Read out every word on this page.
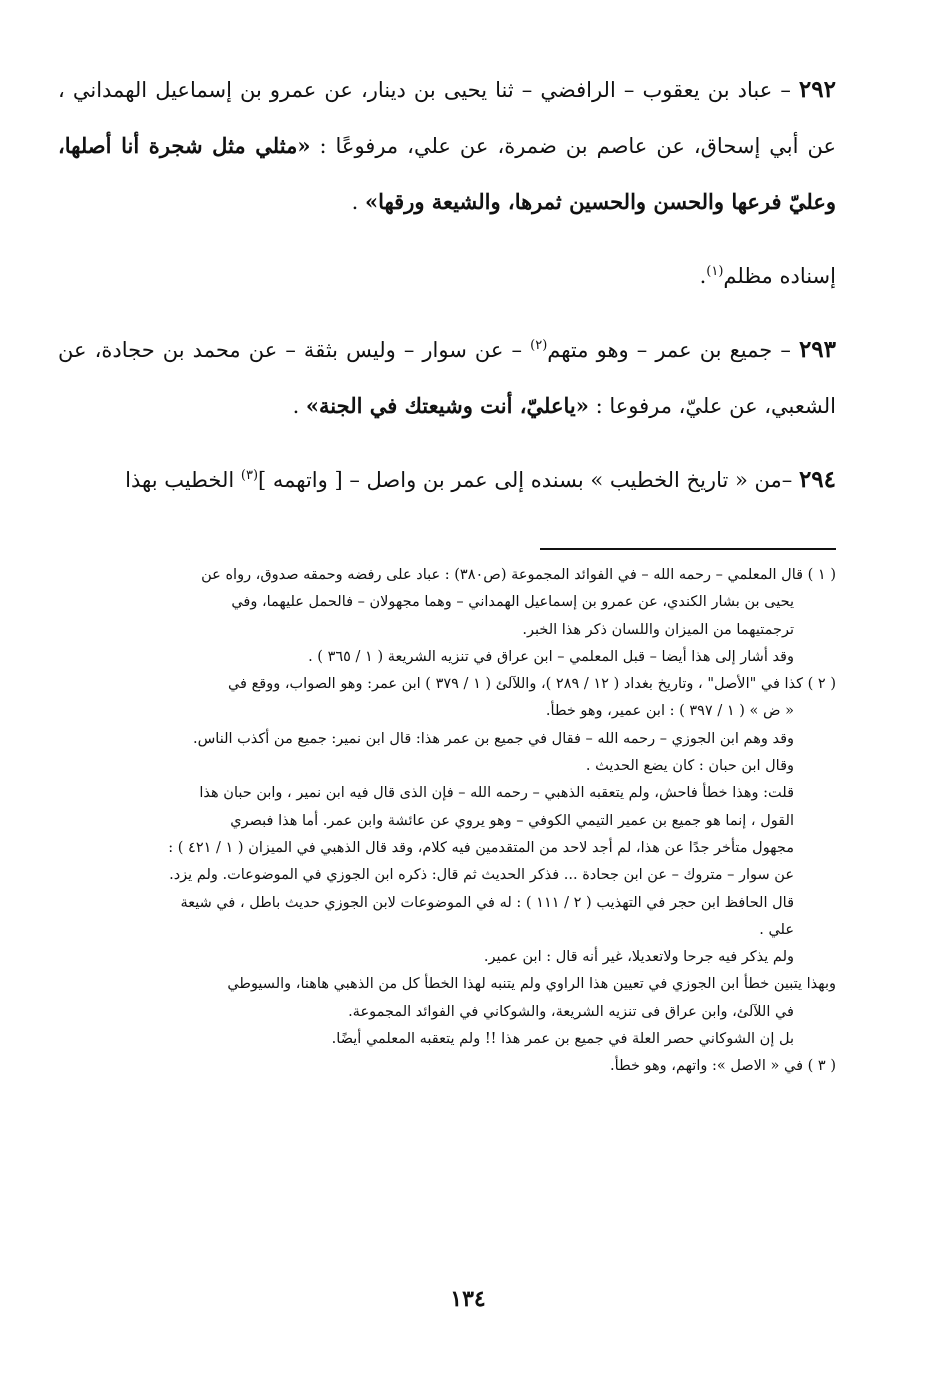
٢٩٢ – عباد بن يعقوب – الرافضي – ثنا يحيى بن دينار، عن عمرو بن إسماعيل الهمداني ، عن أبي إسحاق، عن عاصم بن ضمرة، عن علي، مرفوعًا : «مثلي مثل شجرة أنا أصلها، وعليّ فرعها والحسن والحسين ثمرها، والشيعة ورقها» .

إسناده مظلم$^{(١)}$.

٢٩٣ – جميع بن عمر – وهو متهم$^{(٢)}$ – عن سوار – وليس بثقة – عن محمد بن حجادة، عن الشعبي، عن عليّ، مرفوعا : «ياعليّ، أنت وشيعتك في الجنة» .

٢٩٤ –من « تاريخ الخطيب » بسنده إلى عمر بن واصل – [ واتهمه ]$^{(٣)}$ الخطيب بهذا

( ١ ) قال المعلمي – رحمه الله – في الفوائد المجموعة (ص٣٨٠) : عباد على رفضه وحمقه صدوق، رواه عن
يحيى بن بشار الكندي، عن عمرو بن إسماعيل الهمداني – وهما مجهولان – فالحمل عليهما، وفي
ترجمتيهما من الميزان واللسان ذكر هذا الخبر.
وقد أشار إلى هذا أيضا – قبل المعلمي – ابن عراق في تنزيه الشريعة ( ١ / ٣٦٥ ) .
( ٢ ) كذا في "الأصل" ، وتاريخ بغداد ( ١٢ / ٢٨٩ )، واللآلئ ( ١ / ٣٧٩ ) ابن عمر: وهو الصواب، ووقع في
« ض » ( ١ / ٣٩٧ ) : ابن عمير، وهو خطأ.
وقد وهم ابن الجوزي – رحمه الله – فقال في جميع بن عمر هذا: قال ابن نمير: جميع من أكذب الناس.
وقال ابن حبان : كان يضع الحديث .
قلت: وهذا خطأ فاحش، ولم يتعقبه الذهبي – رحمه الله – فإن الذى قال فيه ابن نمير ، وابن حبان هذا
القول ، إنما هو جميع بن عمير التيمي الكوفي – وهو يروي عن عائشة وابن عمر. أما هذا فبصري
مجهول متأخر جدًا عن هذا، لم أجد لاحد من المتقدمين فيه كلام، وقد قال الذهبي في الميزان ( ١ / ٤٢١ ) :
عن سوار – متروك – عن ابن جحادة ... فذكر الحديث ثم قال: ذكره ابن الجوزي في الموضوعات. ولم يزد.
قال الحافظ ابن حجر في التهذيب ( ٢ / ١١١ ) : له في الموضوعات لابن الجوزي حديث باطل ، في شيعة
علي .
ولم يذكر فيه جرحا ولاتعديلا، غير أنه قال : ابن عمير.
وبهذا يتبين خطأ ابن الجوزي في تعيين هذا الراوي ولم يتنبه لهذا الخطأ كل من الذهبي هاهنا، والسيوطي
في اللآلئ، وابن عراق فى تنزيه الشريعة، والشوكاني في الفوائد المجموعة.
بل إن الشوكاني حصر العلة في جميع بن عمر هذا !! ولم يتعقبه المعلمي أيضًا.
( ٣ ) في « الاصل »: واتهم، وهو خطأ.
١٣٤
